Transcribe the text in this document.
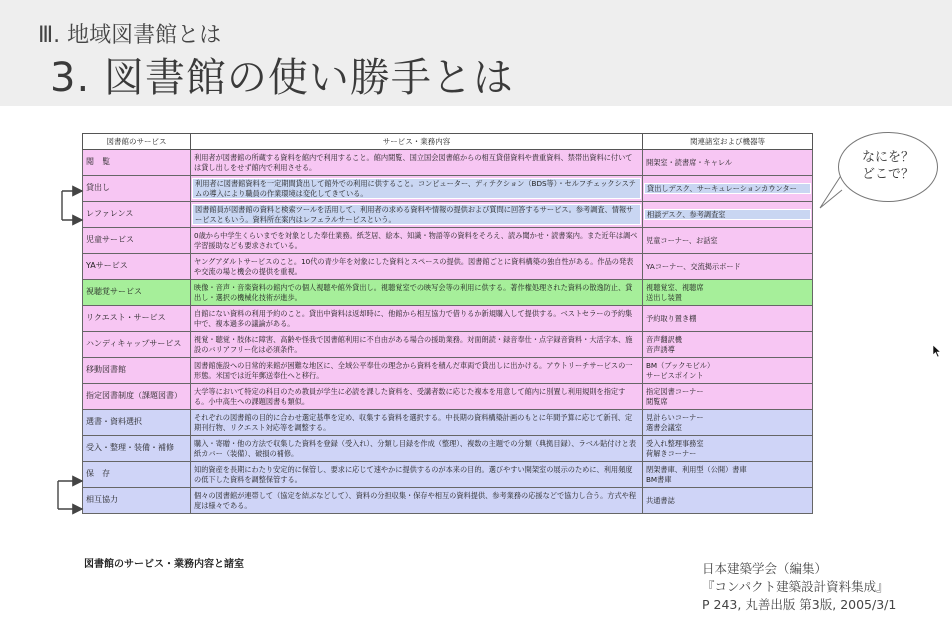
Ⅲ. 地域図書館とは
3. 図書館の使い勝手とは
図書館のサービス	サービス・業務内容	関連諸室および機器等
閲　覧	利用者が図書館の所蔵する資料を館内で利用すること。館内閲覧、国立国会図書館からの相互貸借資料や貴重資料、禁帯出資料に付いては貸し出しをせず館内で利用させる。	開架室・読書席・キャレル
貸出し	利用者に図書館資料を一定期間貸出して館外での利用に供すること。コンピューター、ディテクション（BDS等）・セルフチェックシステムの導入により職員の作業環境は変化してきている。	貸出しデスク、サーキュレーションカウンター

レファレンス	図書館員が図書館の資料と検索ツールを活用して、利用者の求める資料や情報の提供および質問に回答するサービス。参考調査、情報サービスともいう。資料所在案内はレフェラルサービスという。	相談デスク、参考調査室

児童サービス	0歳から中学生くらいまでを対象とした奉仕業務。紙芝居、絵本、知識・物語等の資料をそろえ、読み聞かせ・読書案内。また近年は調べ学習援助なども要求されている。	児童コーナー、お話室
YAサービス	ヤングアダルトサービスのこと。10代の青少年を対象にした資料とスペースの提供。図書館ごとに資料構築の独自性がある。作品の発表や交流の場と機会の提供を重視。	YAコーナー、交流掲示ボード
視聴覚サービス	映像・音声・音楽資料の館内での個人視聴や館外貸出し。視聴覚室での映写会等の利用に供する。著作権処理された資料の散逸防止、貸出し・選択の機械化技術が進歩。	視聴覚室、視聴席
送出し装置
リクエスト・サービス	自館にない資料の利用予約のこと。貸出中資料は返却時に、他館から相互協力で借りるか新規購入して提供する。ベストセラーの予約集中で、複本過多の議論がある。	予約取り置き棚
ハンディキャップサービス	視覚・聴覚・肢体に障害、高齢や怪我で図書館利用に不自由がある場合の援助業務。対面朗読・録音奉仕・点字録音資料・大活字本、施設のバリアフリー化は必須条件。	音声翻訳機
音声誘導
移動図書館	図書館施設への日常的来館が困難な地区に、全域公平奉仕の理念から資料を積んだ車両で貸出しに出かける。アウトリーチサービスの一形態。米国では近年郵送奉仕へと移行。	BM（ブックモビル）
サービスポイント
指定図書制度（課題図書）	大学等において特定の科目のため教員が学生に必読を課した資料を、受講者数に応じた複本を用意して館内に別置し利用規則を指定する。小中高生への課題図書も類似。	指定図書コーナー
閲覧席
選書・資料選択	それぞれの図書館の目的に合わせ選定基準を定め、収集する資料を選択する。中長期の資料構築計画のもとに年間予算に応じて新刊、定期刊行物、リクエスト対応等を調整する。	見計らいコーナー
選書会議室
受入・整理・装備・補修	購入・寄贈・他の方法で収集した資料を登録（受入れ）、分類し目録を作成（整理）、複数の主題での分類（典拠目録）、ラベル貼付けと表紙カバー（装備）、破損の補修。	受入れ整理事務室
荷解きコーナー
保　存	知的資産を長期にわたり安定的に保管し、要求に応じて速やかに提供するのが本来の目的。選びやすい開架室の展示のために、利用頻度の低下した資料を調整保管する。	閉架書庫、利用型（公開）書庫
BM書庫
相互協力	個々の図書館が連帯して（協定を結ぶなどして）、資料の分担収集・保存や相互の資料提供、参考業務の応援などで協力し合う。方式や程度は様々である。	共通書誌
図書館のサービス・業務内容と諸室
なにを？
どこで？
日本建築学会（編集）
『コンパクト建築設計資料集成』
P 243, 丸善出版 第3版, 2005/3/1
